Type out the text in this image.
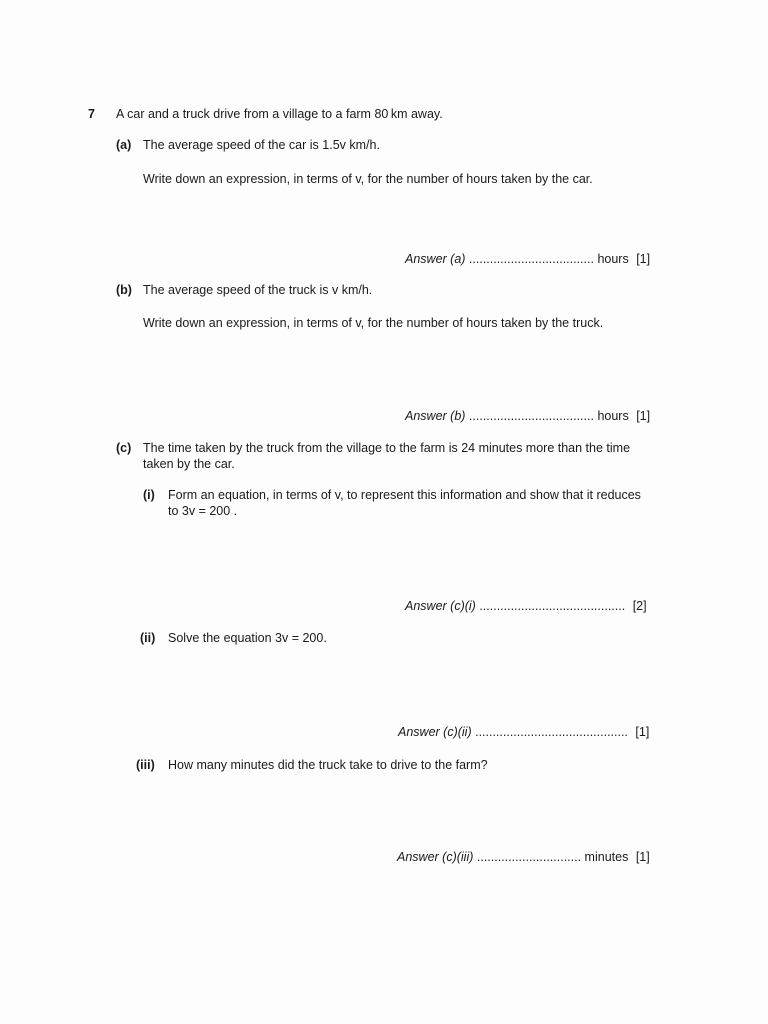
7 A car and a truck drive from a village to a farm 80 km away.
(a) The average speed of the car is 1.5v km/h.
Write down an expression, in terms of v, for the number of hours taken by the car.
Answer (a) .................................... hours [1]
(b) The average speed of the truck is v km/h.
Write down an expression, in terms of v, for the number of hours taken by the truck.
Answer (b) .................................... hours [1]
(c) The time taken by the truck from the village to the farm is 24 minutes more than the time
taken by the car.
(i) Form an equation, in terms of v, to represent this information and show that it reduces
to 3v = 200 .
Answer (c)(i) .......................................... [2]
(ii) Solve the equation 3v = 200.
Answer (c)(ii) ............................................ [1]
(iii) How many minutes did the truck take to drive to the farm?
Answer (c)(iii) .............................. minutes [1]
